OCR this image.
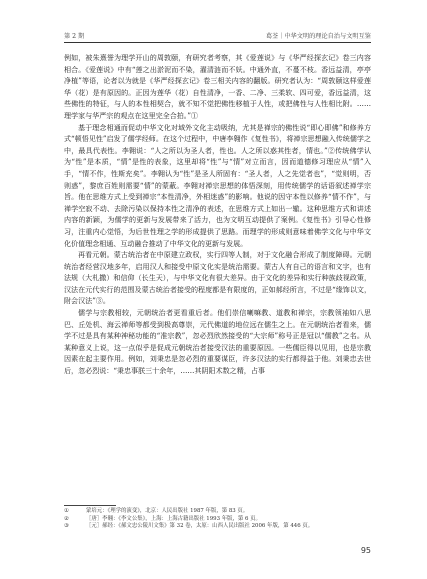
第 2 期	葛荃｜中华文明的理论自治与文明互鉴

例如，被朱熹誉为理学开山的周敦颐，有研究者考察，其《爱莲说》与《华严经探玄记》卷三内容相合。《爱莲说》中有“莲之出淤泥而不染，濯清涟而不妖。中通外直，不蔓不枝。香远益清，亭亭净植”等语，论者以为就是《华严经探玄记》卷三相关内容的翻版。研究者认为：“周敦颐这样爱莲华（花）是有原因的。正因为莲华（花）自性清净，一香、二净、三柔软、四可爱，香远益清，这些佛性的特征，与人的本性相契合，就不知不觉把佛性移植于人性，或把佛性与人性相比附。……理学家与华严宗的观点在这里完全合拍。”①

基于理念相通而促动中华文化对域外文化主动吸纳，尤其是禅宗的佛性说“即心即佛”和修养方式“顿悟见性”启发了儒学经师。在这个过程中，中唐李翱作《复性书》，将禅宗思想融入传统儒学之中，最具代表性。李翱说：“人之所以为圣人者，性也。人之所以惑其性者，情也。”②传统佛学认为“性”是本质，“情”是性的表象，这里却将“性”与“情”对立而言，因而道德修习理应从“情”入手，“情不作，性斯充矣”。李翱认为“性”是圣人所固有：“圣人者，人之先觉者也”，“觉则明，否则惑”，黎庶百姓则需要“情”的蒙蔽。李翱对禅宗思想的体悟深刻，用传统儒学的话语叙述禅学宗旨。他在思维方式上受到禅宗“本性清净，外相迷惑”的影响。他说的因守本性以修养“情不作”，与禅学空寂不动、去除污染以保持本性之清净的表述，在思维方式上如出一辙。这种思维方式和讲述内容的新颖，为儒学的更新与发展带来了活力，也为文明互动提供了案例。《复性书》引导心性修习，注重内心觉悟，为后世性理之学的形成提供了思路。而理学的形成则意味着佛学文化与中华文化价值理念相通、互动融合推动了中华文化的更新与发展。

再看元朝。蒙古统治者在中原建立政权，实行四等人制，对于文化融合形成了制度障碍。元朝统治者经营汉地多年，启用汉人和接受中原文化实是统治需要。蒙古人有自己的语言和文字，也有法规（大札撒）和信仰（长生天），与中华文化有很大差异。由于文化的差异和实行种族歧视政策，汉法在元代实行的范围及蒙古统治者接受的程度都是有限度的，正如郝经所言，不过是“缘饰以文，附会汉法”③。

儒学与宗教相较，元朝统治者更看重后者。他们崇信喇嘛教、道教和禅宗，宗教领袖如八思巴、丘处机、海云禅师等都受到极高尊崇，元代佛道的地位远在儒生之上。在元朝统治者看来，儒学不过是具有某种神秘功能的“准宗教”，忽必烈欣然接受的“大宗师”称号正是冠以“儒教”之名。从某种意义上说，这一点似乎是促成元朝统治者接受汉法的重要原因。一些儒臣得以见用，也是宗教因素在起主要作用。例如，刘秉忠是忽必烈的重要谋臣，许多汉法的实行都得益于他。刘秉忠去世后，忽必烈说：“秉忠事朕三十余年，……其阴阳术数之精，占事

①	蒙培元：《理学的演变》，北京：人民出版社 1987 年版，第 83 页。
②	［唐］李翱：《李文公集》，上海：上海古籍出版社 1993 年版，第 6 页。
③	［元］郝经：《郝文忠公陵川文集》第 32 卷，太原：山西人民出版社 2006 年版，第 446 页。
95
